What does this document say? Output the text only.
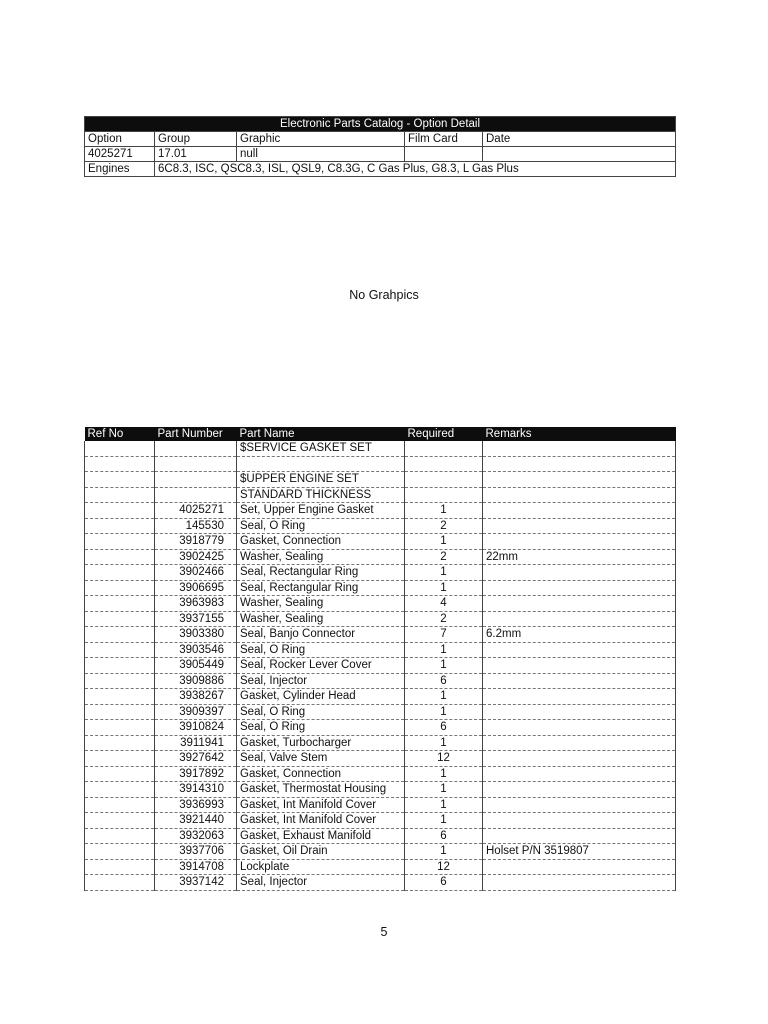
Electronic Parts Catalog - Option Detail				
Option	Group	Graphic	Film Card	Date
4025271	17.01	null		
Engines	6C8.3, ISC, QSC8.3, ISL, QSL9, C8.3G, C Gas Plus, G8.3, L Gas Plus			
No Grahpics
Ref No	Part Number	Part Name	Required	Remarks
		$SERVICE GASKET SET		

		$UPPER ENGINE SET		
		STANDARD THICKNESS		
	4025271	Set, Upper Engine Gasket	1	
	145530	Seal, O Ring	2	
	3918779	Gasket, Connection	1	
	3902425	Washer, Sealing	2	22mm
	3902466	Seal, Rectangular Ring	1	
	3906695	Seal, Rectangular Ring	1	
	3963983	Washer, Sealing	4	
	3937155	Washer, Sealing	2	
	3903380	Seal, Banjo Connector	7	6.2mm
	3903546	Seal, O Ring	1	
	3905449	Seal, Rocker Lever Cover	1	
	3909886	Seal, Injector	6	
	3938267	Gasket, Cylinder Head	1	
	3909397	Seal, O Ring	1	
	3910824	Seal, O Ring	6	
	3911941	Gasket, Turbocharger	1	
	3927642	Seal, Valve Stem	12	
	3917892	Gasket, Connection	1	
	3914310	Gasket, Thermostat Housing	1	
	3936993	Gasket, Int Manifold Cover	1	
	3921440	Gasket, Int Manifold Cover	1	
	3932063	Gasket, Exhaust Manifold	6	
	3937706	Gasket, Oil Drain	1	Holset P/N 3519807
	3914708	Lockplate	12	
	3937142	Seal, Injector	6	
5
